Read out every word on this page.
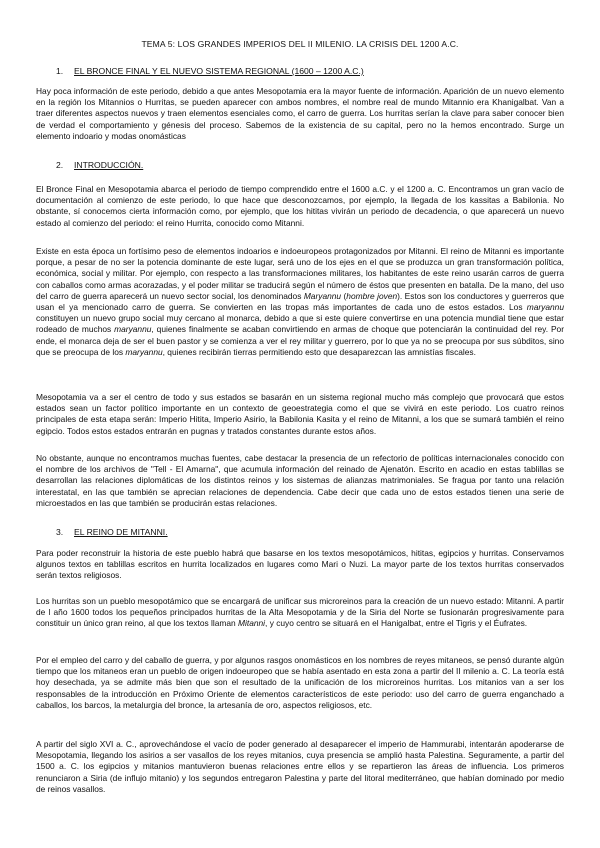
TEMA 5: LOS GRANDES IMPERIOS DEL II MILENIO. LA CRISIS DEL 1200 A.C.
1. EL BRONCE FINAL Y EL NUEVO SISTEMA REGIONAL (1600 – 1200 A.C.)

Hay poca información de este periodo, debido a que antes Mesopotamia era la mayor fuente de información. Aparición de un nuevo elemento en la región los Mitannios o Hurritas, se pueden aparecer con ambos nombres, el nombre real de mundo Mitannio era Khanigalbat. Van a traer diferentes aspectos nuevos y traen elementos esenciales como, el carro de guerra. Los hurritas serían la clave para saber conocer bien de verdad el comportamiento y génesis del proceso. Sabemos de la existencia de su capital, pero no la hemos encontrado. Surge un elemento indoario y modas onomásticas

2. INTRODUCCIÓN.

El Bronce Final en Mesopotamia abarca el periodo de tiempo comprendido entre el 1600 a.C. y el 1200 a. C. Encontramos un gran vacío de documentación al comienzo de este periodo, lo que hace que desconozcamos, por ejemplo, la llegada de los kassitas a Babilonia. No obstante, sí conocemos cierta información como, por ejemplo, que los hititas vivirán un periodo de decadencia, o que aparecerá un nuevo estado al comienzo del periodo: el reino Hurrita, conocido como Mitanni.

Existe en esta época un fortísimo peso de elementos indoarios e indoeuropeos protagonizados por Mitanni. El reino de Mitanni es importante porque, a pesar de no ser la potencia dominante de este lugar, será uno de los ejes en el que se produzca un gran transformación política, económica, social y militar. Por ejemplo, con respecto a las transformaciones militares, los habitantes de este reino usarán carros de guerra con caballos como armas acorazadas, y el poder militar se traducirá según el número de éstos que presenten en batalla. De la mano, del uso del carro de guerra aparecerá un nuevo sector social, los denominados Maryannu (hombre joven). Estos son los conductores y guerreros que usan el ya mencionado carro de guerra. Se convierten en las tropas más importantes de cada uno de estos estados. Los maryannu constituyen un nuevo grupo social muy cercano al monarca, debido a que si este quiere convertirse en una potencia mundial tiene que estar rodeado de muchos maryannu, quienes finalmente se acaban convirtiendo en armas de choque que potenciarán la continuidad del rey. Por ende, el monarca deja de ser el buen pastor y se comienza a ver el rey militar y guerrero, por lo que ya no se preocupa por sus súbditos, sino que se preocupa de los maryannu, quienes recibirán tierras permitiendo esto que desaparezcan las amnistías fiscales.

Mesopotamia va a ser el centro de todo y sus estados se basarán en un sistema regional mucho más complejo que provocará que estos estados sean un factor político importante en un contexto de geoestrategia como el que se vivirá en este periodo. Los cuatro reinos principales de esta etapa serán: Imperio Hitita, Imperio Asirio, la Babilonia Kasita y el reino de Mitanni, a los que se sumará también el reino egipcio. Todos estos estados entrarán en pugnas y tratados constantes durante estos años.

No obstante, aunque no encontramos muchas fuentes, cabe destacar la presencia de un refectorio de políticas internacionales conocido con el nombre de los archivos de "Tell - El Amarna", que acumula información del reinado de Ajenatón. Escrito en acadio en estas tablillas se desarrollan las relaciones diplomáticas de los distintos reinos y los sistemas de alianzas matrimoniales. Se fragua por tanto una relación interestatal, en las que también se aprecian relaciones de dependencia. Cabe decir que cada uno de estos estados tienen una serie de microestados en las que también se producirán estas relaciones.

3. EL REINO DE MITANNI.

Para poder reconstruir la historia de este pueblo habrá que basarse en los textos mesopotámicos, hititas, egipcios y hurritas. Conservamos algunos textos en tablillas escritos en hurrita localizados en lugares como Mari o Nuzi. La mayor parte de los textos hurritas conservados serán textos religiosos.

Los hurritas son un pueblo mesopotámico que se encargará de unificar sus microreinos para la creación de un nuevo estado: Mitanni. A partir de l año 1600 todos los pequeños principados hurritas de la Alta Mesopotamia y de la Siria del Norte se fusionarán progresivamente para constituir un único gran reino, al que los textos llaman Mitanni, y cuyo centro se situará en el Hanigalbat, entre el Tigris y el Éufrates.

Por el empleo del carro y del caballo de guerra, y por algunos rasgos onomásticos en los nombres de reyes mitaneos, se pensó durante algún tiempo que los mitaneos eran un pueblo de origen indoeuropeo que se había asentado en esta zona a partir del II milenio a. C. La teoría está hoy desechada, ya se admite más bien que son el resultado de la unificación de los microreinos hurritas. Los mitanios van a ser los responsables de la introducción en Próximo Oriente de elementos característicos de este periodo: uso del carro de guerra enganchado a caballos, los barcos, la metalurgia del bronce, la artesanía de oro, aspectos religiosos, etc.

A partir del siglo XVI a. C., aprovechándose el vacío de poder generado al desaparecer el imperio de Hammurabi, intentarán apoderarse de Mesopotamia, llegando los asirios a ser vasallos de los reyes mitanios, cuya presencia se amplió hasta Palestina. Seguramente, a partir del 1500 a. C. los egipcios y mitanios mantuvieron buenas relaciones entre ellos y se repartieron las áreas de influencia. Los primeros renunciaron a Siria (de influjo mitanio) y los segundos entregaron Palestina y parte del litoral mediterráneo, que habían dominado por medio de reinos vasallos.
